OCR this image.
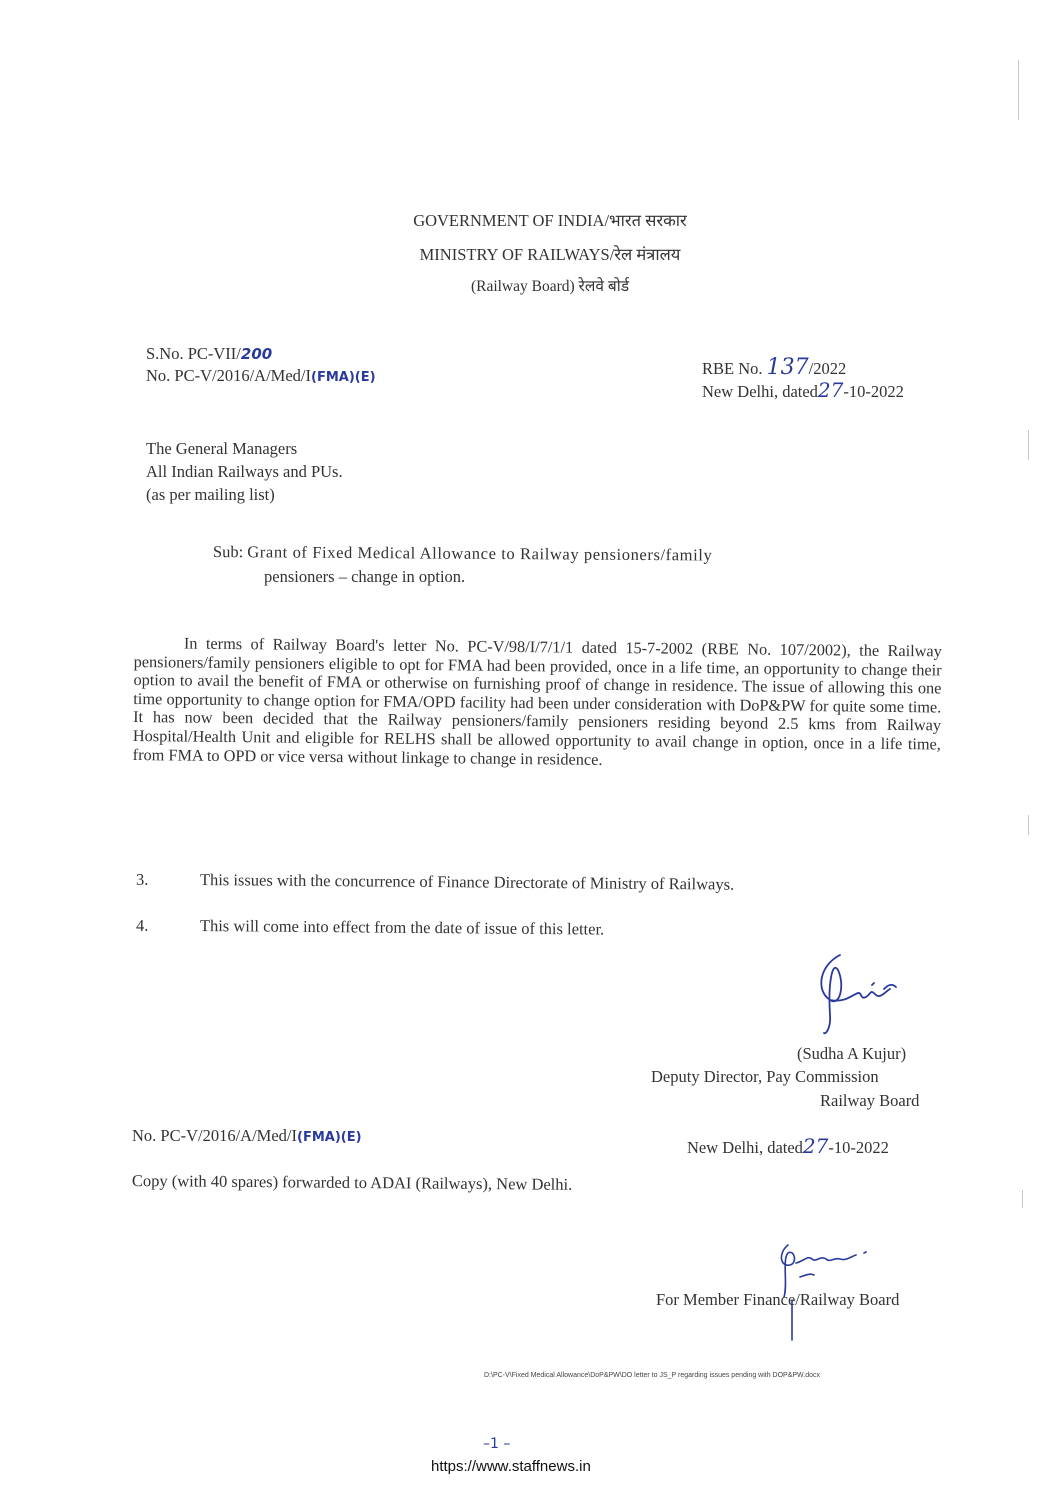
GOVERNMENT OF INDIA/भारत सरकार
MINISTRY OF RAILWAYS/रेल मंत्रालय
(Railway Board) रेलवे बोर्ड
S.No. PC-VII/200
No. PC-V/2016/A/Med/I(FMA)(E)	RBE No. 137/2022
New Delhi, dated27-10-2022
The General Managers
All Indian Railways and PUs.
(as per mailing list)
Sub: Grant of Fixed Medical Allowance to Railway pensioners/family
pensioners – change in option.
In terms of Railway Board's letter No. PC-V/98/I/7/1/1 dated 15-7-2002 (RBE No. 107/2002), the Railway pensioners/family pensioners eligible to opt for FMA had been provided, once in a life time, an opportunity to change their option to avail the benefit of FMA or otherwise on furnishing proof of change in residence. The issue of allowing this one time opportunity to change option for FMA/OPD facility had been under consideration with DoP&PW for quite some time. It has now been decided that the Railway pensioners/family pensioners residing beyond 2.5 kms from Railway Hospital/Health Unit and eligible for RELHS shall be allowed opportunity to avail change in option, once in a life time, from FMA to OPD or vice versa without linkage to change in residence.
3.	This issues with the concurrence of Finance Directorate of Ministry of Railways.
4.	This will come into effect from the date of issue of this letter.
(Sudha A Kujur)
Deputy Director, Pay Commission
Railway Board
No. PC-V/2016/A/Med/I(FMA)(E)
New Delhi, dated27-10-2022
Copy (with 40 spares) forwarded to ADAI (Railways), New Delhi.
For Member Finance/Railway Board
D:\PC-V\Fixed Medical Allowance\DoP&PW\DO letter to JS_P regarding issues pending with DOP&PW.docx
–1 –
https://www.staffnews.in
